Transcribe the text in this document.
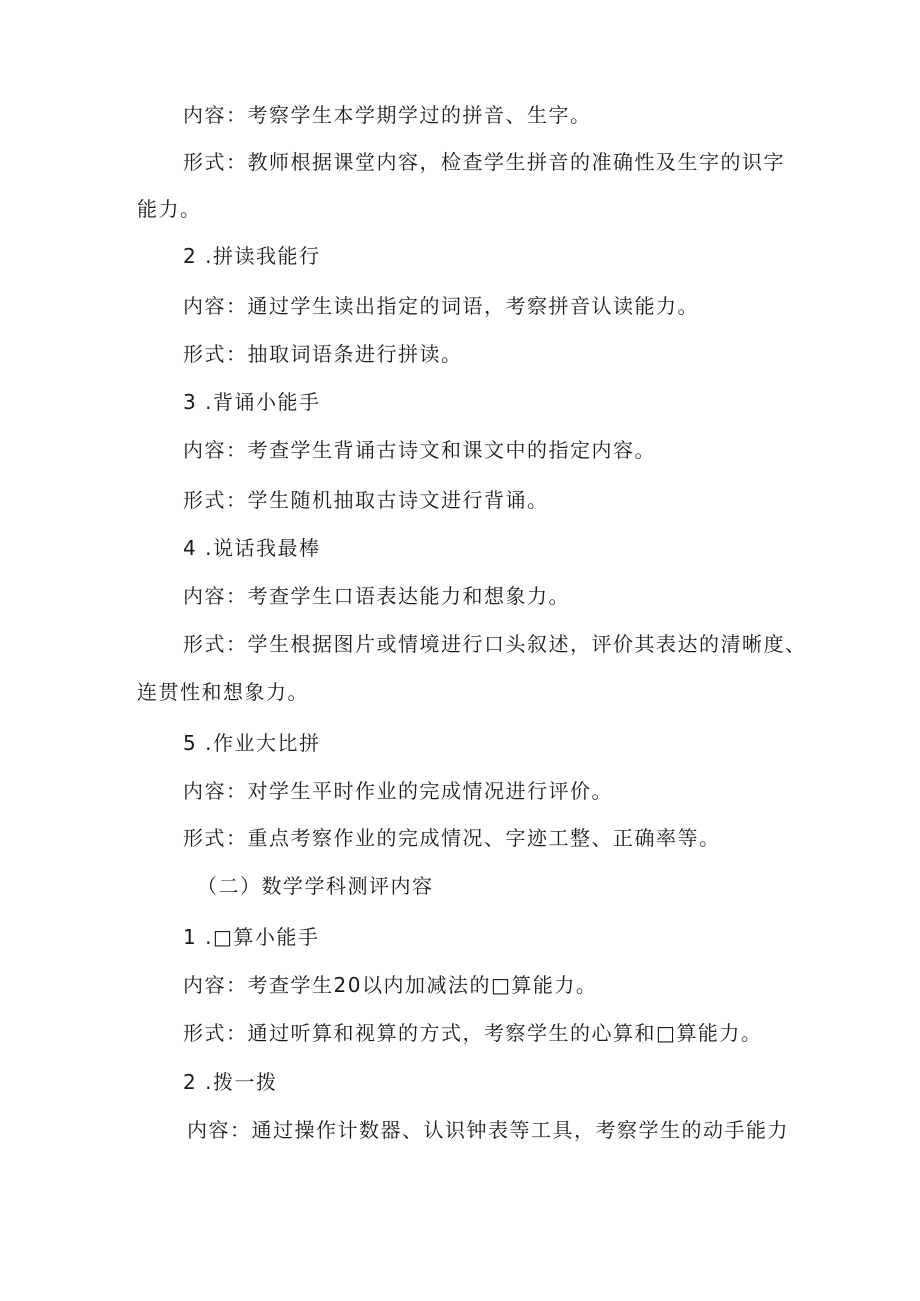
内容：考察学生本学期学过的拼音、生字。

形式：教师根据课堂内容，检查学生拼音的准确性及生字的识字

能力。

2 .拼读我能行

内容：通过学生读出指定的词语，考察拼音认读能力。

形式：抽取词语条进行拼读。

3 .背诵小能手

内容：考查学生背诵古诗文和课文中的指定内容。

形式：学生随机抽取古诗文进行背诵。

4 .说话我最棒

内容：考查学生口语表达能力和想象力。

形式：学生根据图片或情境进行口头叙述，评价其表达的清晰度、

连贯性和想象力。

5 .作业大比拼

内容：对学生平时作业的完成情况进行评价。

形式：重点考察作业的完成情况、字迹工整、正确率等。

（二）数学学科测评内容

1 .□算小能手

内容：考查学生20以内加减法的□算能力。

形式：通过听算和视算的方式，考察学生的心算和□算能力。

2 .拨一拨

内容：通过操作计数器、认识钟表等工具，考察学生的动手能力
